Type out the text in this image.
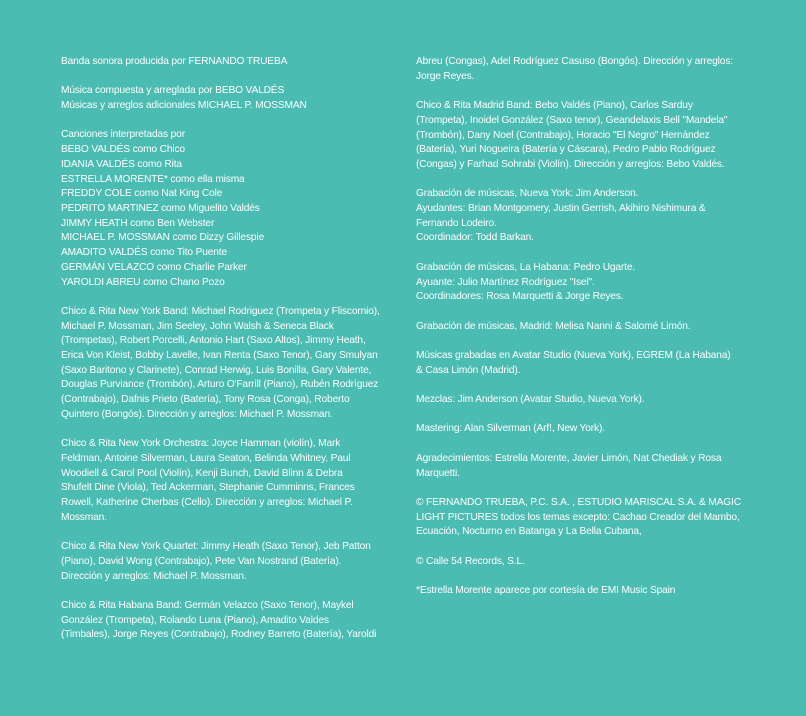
Banda sonora producida por FERNANDO TRUEBA
Música compuesta y arreglada por BEBO VALDÉS
Músicas y arreglos adicionales MICHAEL P. MOSSMAN
Canciones interpretadas por
BEBO VALDÉS como Chico
IDANIA VALDÉS como Rita
ESTRELLA MORENTE* como ella misma
FREDDY COLE como Nat King Cole
PEDRITO MARTINEZ como Miguelito Valdés
JIMMY HEATH como Ben Webster
MICHAEL P. MOSSMAN como Dizzy Gillespie
AMADITO VALDÉS como Tito Puente
GERMÁN VELAZCO como Charlie Parker
YAROLDI ABREU como Chano Pozo
Chico & Rita New York Band: Michael Rodriguez (Trompeta y Fliscornio),
Michael P. Mossman, Jim Seeley, John Walsh & Seneca Black
(Trompetas), Robert Porcelli, Antonio Hart (Saxo Altos), Jimmy Heath,
Erica Von Kleist, Bobby Lavelle, Ivan Renta (Saxo Tenor), Gary Smulyan
(Saxo Baritono y Clarinete), Conrad Herwig, Luis Bonilla, Gary Valente,
Douglas Purviance (Trombón), Arturo O'Farrill (Piano), Rubén Rodríguez
(Contrabajo), Dafnis Prieto (Batería), Tony Rosa (Conga), Roberto
Quintero (Bongós). Dirección y arreglos: Michael P. Mossman.
Chico & Rita New York Orchestra: Joyce Hamman (violín), Mark
Feldman, Antoine Silverman, Laura Seaton, Belinda Whitney, Paul
Woodiell & Carol Pool (Violín), Kenji Bunch, David Blinn & Debra
Shufelt Dine (Viola), Ted Ackerman, Stephanie Cumminns, Frances
Rowell, Katherine Cherbas (Cello). Dirección y arreglos: Michael P.
Mossman.
Chico & Rita New York Quartet: Jimmy Heath (Saxo Tenor), Jeb Patton
(Piano), David Wong (Contrabajo), Pete Van Nostrand (Batería).
Dirección y arreglos: Michael P. Mossman.
Chico & Rita Habana Band: Germán Velazco (Saxo Tenor), Maykel
González (Trompeta), Rolando Luna (Piano), Amadito Valdes
(Timbales), Jorge Reyes (Contrabajo), Rodney Barreto (Batería), Yaroldi
Abreu (Congas), Adel Rodríguez Casuso (Bongós). Dirección y arreglos:
Jorge Reyes.
Chico & Rita Madrid Band: Bebo Valdés (Piano), Carlos Sarduy
(Trompeta), Inoidel González (Saxo tenor), Geandelaxis Bell "Mandela"
(Trombón), Dany Noel (Contrabajo), Horacio "El Negro" Hernández
(Batería), Yuri Nogueira (Batería y Cáscara), Pedro Pablo Rodríguez
(Congas) y Farhad Sohrabi (Violín). Dirección y arreglos: Bebo Valdés.
Grabación de músicas, Nueva York: Jim Anderson.
Ayudantes: Brian Montgomery, Justin Gerrish, Akihiro Nishimura &
Fernando Lodeiro.
Coordinador: Todd Barkan.
Grabación de músicas, La Habana: Pedro Ugarte.
Ayuante: Julio Martínez Rodríguez "Isel".
Coordinadores: Rosa Marquetti & Jorge Reyes.
Grabación de músicas, Madrid: Melisa Nanni & Salomé Limón.
Músicas grabadas en Avatar Studio (Nueva York), EGREM (La Habana)
& Casa Limón (Madrid).
Mezclas: Jim Anderson (Avatar Studio, Nueva York).
Mastering: Alan Silverman (Arf!, New York).
Agradecimientos: Estrella Morente, Javier Limón, Nat Chediak y Rosa
Marquetti.
© FERNANDO TRUEBA, P.C. S.A. , ESTUDIO MARISCAL S.A. & MAGIC
LIGHT PICTURES todos los temas excepto: Cachao Creador del Mambo,
Ecuación, Nocturno en Batanga y La Bella Cubana,
© Calle 54 Records, S.L.
*Estrella Morente aparece por cortesía de EMI Music Spain
